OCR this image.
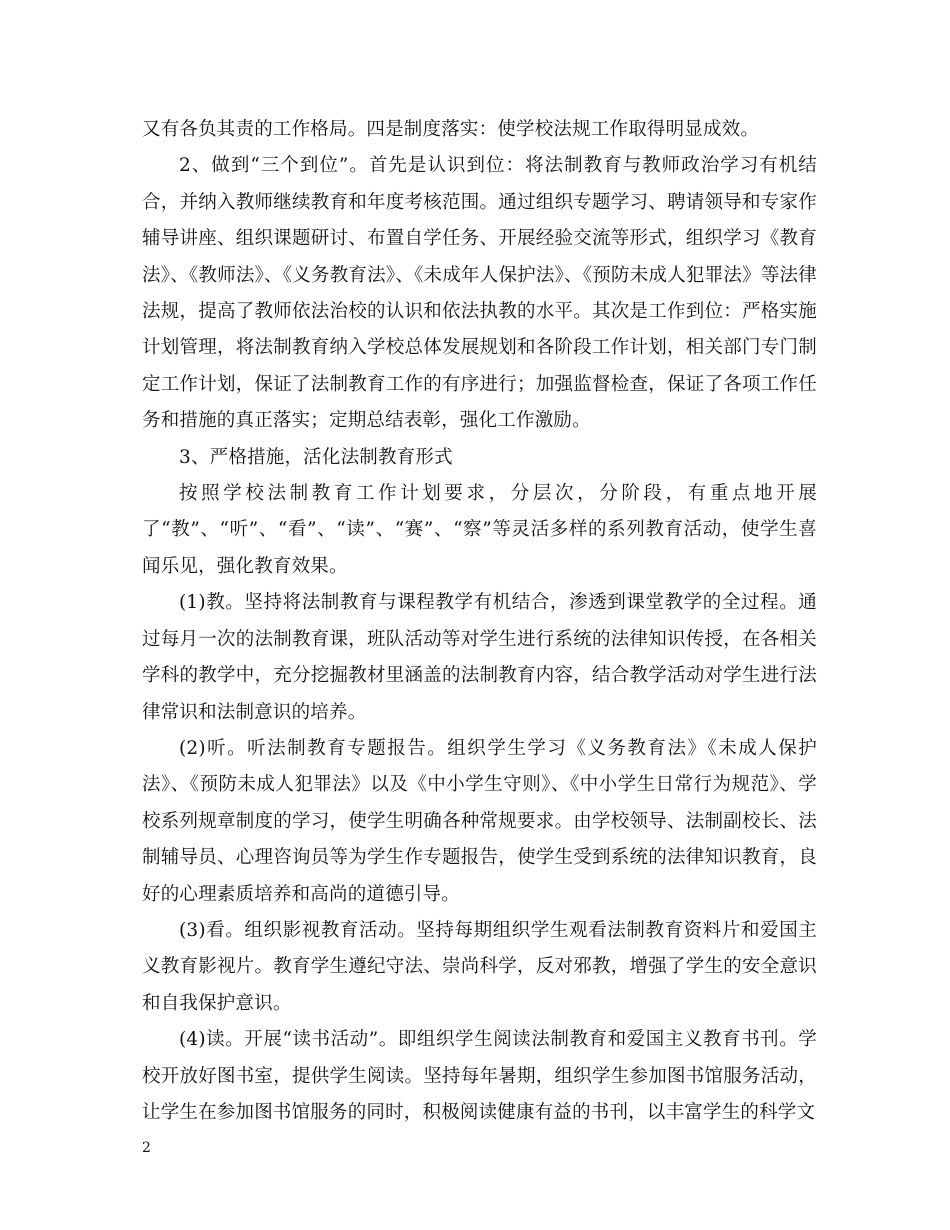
又有各负其责的工作格局。四是制度落实：使学校法规工作取得明显成效。

2、做到“三个到位”。首先是认识到位：将法制教育与教师政治学习有机结合，并纳入教师继续教育和年度考核范围。通过组织专题学习、聘请领导和专家作辅导讲座、组织课题研讨、布置自学任务、开展经验交流等形式，组织学习《教育法》、《教师法》、《义务教育法》、《未成年人保护法》、《预防未成人犯罪法》等法律法规，提高了教师依法治校的认识和依法执教的水平。其次是工作到位：严格实施计划管理，将法制教育纳入学校总体发展规划和各阶段工作计划，相关部门专门制定工作计划，保证了法制教育工作的有序进行；加强监督检查，保证了各项工作任务和措施的真正落实；定期总结表彰，强化工作激励。

3、严格措施，活化法制教育形式

按照学校法制教育工作计划要求，分层次，分阶段，有重点地开展了“教”、“听”、“看”、“读”、“赛”、“察”等灵活多样的系列教育活动，使学生喜闻乐见，强化教育效果。

(1)教。坚持将法制教育与课程教学有机结合，渗透到课堂教学的全过程。通过每月一次的法制教育课，班队活动等对学生进行系统的法律知识传授，在各相关学科的教学中，充分挖掘教材里涵盖的法制教育内容，结合教学活动对学生进行法律常识和法制意识的培养。

(2)听。听法制教育专题报告。组织学生学习《义务教育法》《未成人保护法》、《预防未成人犯罪法》以及《中小学生守则》、《中小学生日常行为规范》、学校系列规章制度的学习，使学生明确各种常规要求。由学校领导、法制副校长、法制辅导员、心理咨询员等为学生作专题报告，使学生受到系统的法律知识教育，良好的心理素质培养和高尚的道德引导。

(3)看。组织影视教育活动。坚持每期组织学生观看法制教育资料片和爱国主义教育影视片。教育学生遵纪守法、崇尚科学，反对邪教，增强了学生的安全意识和自我保护意识。

(4)读。开展“读书活动”。即组织学生阅读法制教育和爱国主义教育书刊。学校开放好图书室，提供学生阅读。坚持每年暑期，组织学生参加图书馆服务活动，让学生在参加图书馆服务的同时，积极阅读健康有益的书刊，以丰富学生的科学文

2
